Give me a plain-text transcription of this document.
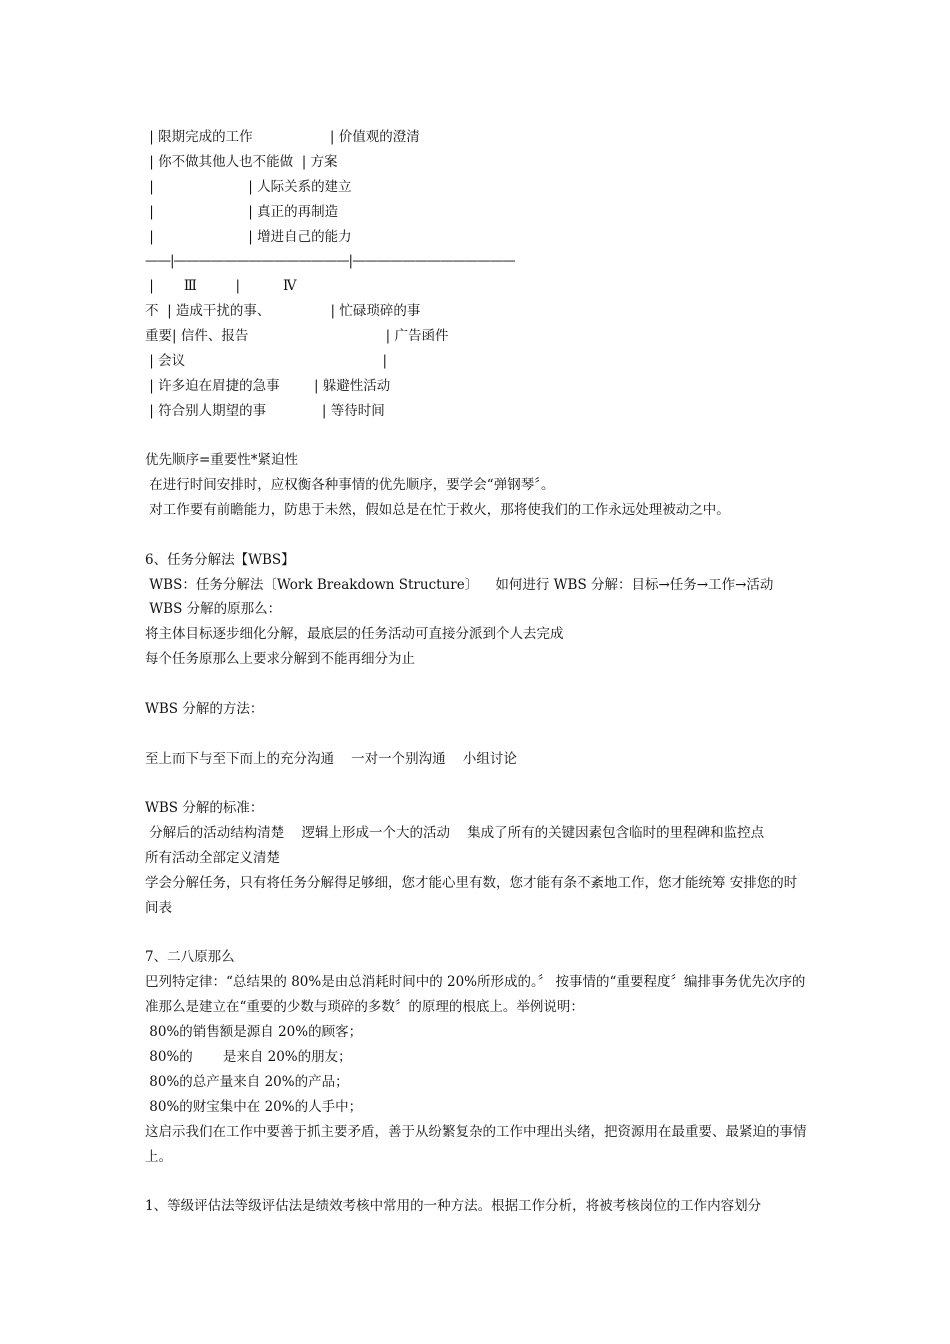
| 限期完成的工作                  | 价值观的澄清
| 你不做其他人也不能做  | 方案
|                      | 人际关系的建立
|                      | 真正的再制造
|                      | 增进自己的能力
——|——————————————|—————————————
|       Ⅲ         |          Ⅳ
不  | 造成干扰的事、              | 忙碌琐碎的事
重要| 信件、报告                                | 广告函件
| 会议                                              |
| 许多迫在眉捷的急事        | 躲避性活动
| 符合别人期望的事             | 等待时间
优先顺序=重要性*紧迫性
在进行时间安排时，应权衡各种事情的优先顺序，要学会“弹钢琴〞。
对工作要有前瞻能力，防患于未然，假如总是在忙于救火，那将使我们的工作永远处理被动之中。
6、任务分解法【WBS】
WBS：任务分解法〔Work Breakdown Structure〕    如何进行 WBS 分解：目标→任务→工作→活动
WBS 分解的原那么：
将主体目标逐步细化分解，最底层的任务活动可直接分派到个人去完成
每个任务原那么上要求分解到不能再细分为止
WBS 分解的方法：
至上而下与至下而上的充分沟通    一对一个别沟通    小组讨论
WBS 分解的标准：
分解后的活动结构清楚    逻辑上形成一个大的活动    集成了所有的关键因素包含临时的里程碑和监控点
所有活动全部定义清楚
学会分解任务，只有将任务分解得足够细，您才能心里有数，您才能有条不紊地工作，您才能统筹 安排您的时间表
7、二八原那么
巴列特定律：“总结果的 80%是由总消耗时间中的 20%所形成的。〞 按事情的“重要程度〞编排事务优先次序的准那么是建立在“重要的少数与琐碎的多数〞的原理的根底上。举例说明：
80%的销售额是源自 20%的顾客；
80%的       是来自 20%的朋友；
80%的总产量来自 20%的产品；
80%的财宝集中在 20%的人手中；
这启示我们在工作中要善于抓主要矛盾，善于从纷繁复杂的工作中理出头绪，把资源用在最重要、最紧迫的事情上。
1、等级评估法等级评估法是绩效考核中常用的一种方法。根据工作分析，将被考核岗位的工作内容划分
